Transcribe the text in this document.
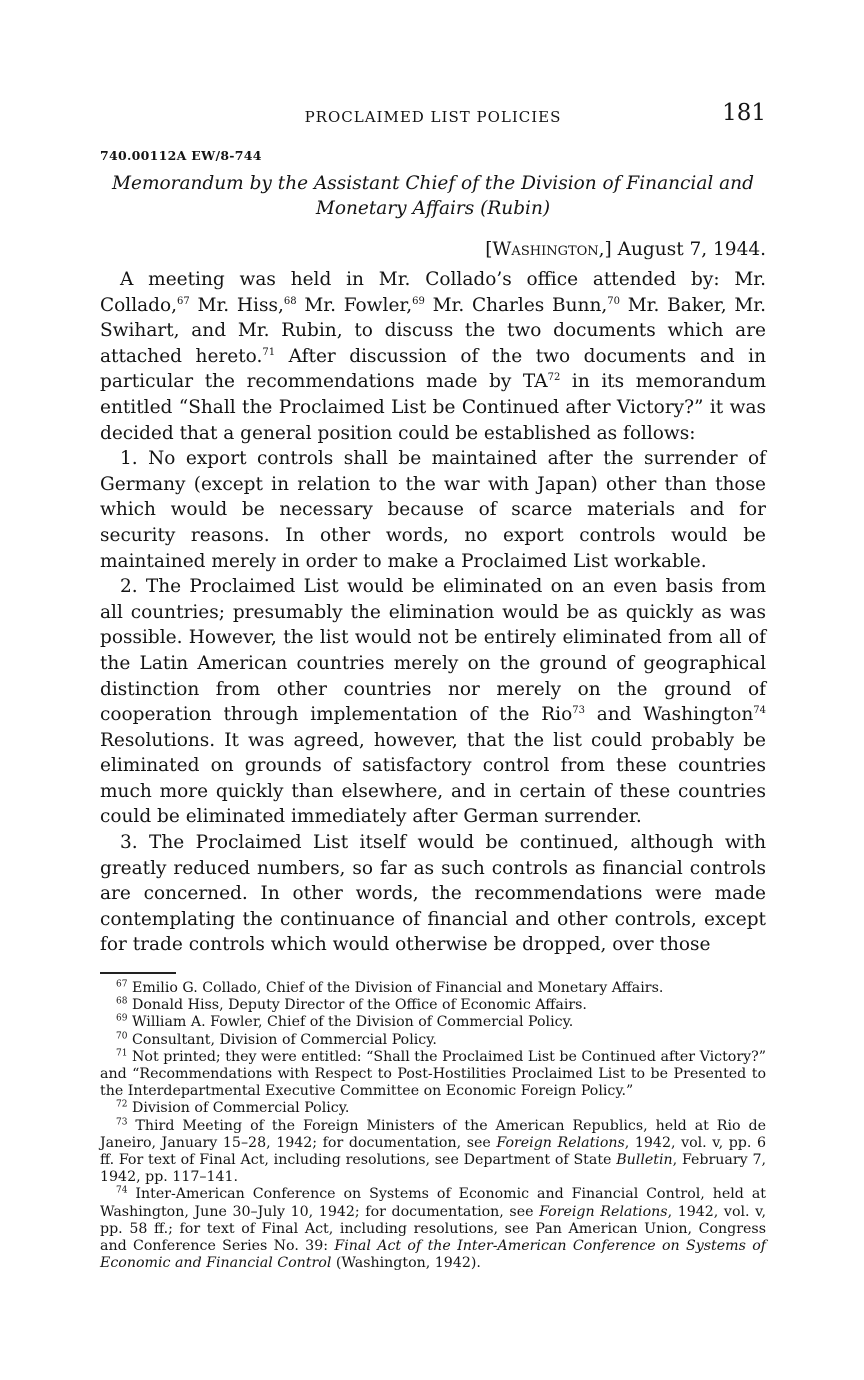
PROCLAIMED LIST POLICIES	181
740.00112A EW/8-744
Memorandum by the Assistant Chief of the Division of Financial and
Monetary Affairs (Rubin)
[Washington,] August 7, 1944.

A meeting was held in Mr. Collado’s office attended by: Mr. Collado,$^{67}$ Mr. Hiss,$^{68}$ Mr. Fowler,$^{69}$ Mr. Charles Bunn,$^{70}$ Mr. Baker, Mr. Swihart, and Mr. Rubin, to discuss the two documents which are attached hereto.$^{71}$ After discussion of the two documents and in particular the recommendations made by TA$^{72}$ in its memorandum entitled “Shall the Proclaimed List be Continued after Victory?” it was decided that a general position could be established as follows:

1. No export controls shall be maintained after the surrender of Germany (except in relation to the war with Japan) other than those which would be necessary because of scarce materials and for security reasons. In other words, no export controls would be maintained merely in order to make a Proclaimed List workable.

2. The Proclaimed List would be eliminated on an even basis from all countries; presumably the elimination would be as quickly as was possible. However, the list would not be entirely eliminated from all of the Latin American countries merely on the ground of geographical distinction from other countries nor merely on the ground of cooperation through implementation of the Rio$^{73}$ and Washington$^{74}$ Resolutions. It was agreed, however, that the list could probably be eliminated on grounds of satisfactory control from these countries much more quickly than elsewhere, and in certain of these countries could be eliminated immediately after German surrender.

3. The Proclaimed List itself would be continued, although with greatly reduced numbers, so far as such controls as financial controls are concerned. In other words, the recommendations were made contemplating the continuance of financial and other controls, except for trade controls which would otherwise be dropped, over those

$^{67}$ Emilio G. Collado, Chief of the Division of Financial and Monetary Affairs.

$^{68}$ Donald Hiss, Deputy Director of the Office of Economic Affairs.

$^{69}$ William A. Fowler, Chief of the Division of Commercial Policy.

$^{70}$ Consultant, Division of Commercial Policy.

$^{71}$ Not printed; they were entitled: “Shall the Proclaimed List be Continued after Victory?” and “Recommendations with Respect to Post-Hostilities Proclaimed List to be Presented to the Interdepartmental Executive Committee on Economic Foreign Policy.”

$^{72}$ Division of Commercial Policy.

$^{73}$ Third Meeting of the Foreign Ministers of the American Republics, held at Rio de Janeiro, January 15–28, 1942; for documentation, see Foreign Relations, 1942, vol. v, pp. 6 ff. For text of Final Act, including resolutions, see Department of State Bulletin, February 7, 1942, pp. 117–141.

$^{74}$ Inter-American Conference on Systems of Economic and Financial Control, held at Washington, June 30–July 10, 1942; for documentation, see Foreign Relations, 1942, vol. v, pp. 58 ff.; for text of Final Act, including resolutions, see Pan American Union, Congress and Conference Series No. 39: Final Act of the Inter-American Conference on Systems of Economic and Financial Control (Washington, 1942).
